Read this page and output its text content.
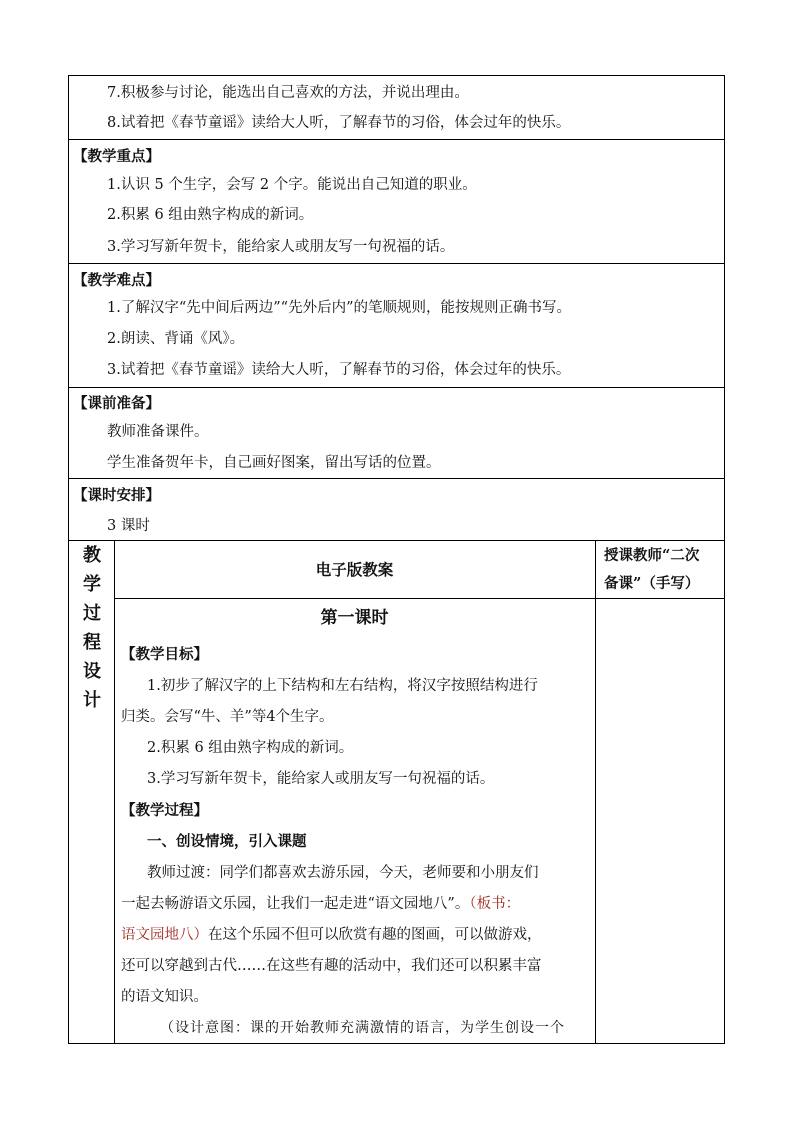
7.积极参与讨论，能选出自己喜欢的方法，并说出理由。
8.试着把《春节童谣》读给大人听，了解春节的习俗，体会过年的快乐。
【教学重点】
1.认识 5 个生字，会写 2 个字。能说出自己知道的职业。
2.积累 6 组由熟字构成的新词。
3.学习写新年贺卡，能给家人或朋友写一句祝福的话。
【教学难点】
1.了解汉字“先中间后两边”“先外后内”的笔顺规则，能按规则正确书写。
2.朗读、背诵《风》。
3.试着把《春节童谣》读给大人听，了解春节的习俗，体会过年的快乐。
【课前准备】
教师准备课件。
学生准备贺年卡，自己画好图案，留出写话的位置。
【课时安排】
3 课时
教
学
过
程
设
计
电子版教案
授课教师“二次
备课”（手写）
第一课时
【教学目标】
1.初步了解汉字的上下结构和左右结构，将汉字按照结构进行
归类。会写“牛、羊”等4个生字。
2.积累 6 组由熟字构成的新词。
3.学习写新年贺卡，能给家人或朋友写一句祝福的话。
【教学过程】
一、创设情境，引入课题
教师过渡：同学们都喜欢去游乐园，今天，老师要和小朋友们
一起去畅游语文乐园，让我们一起走进“语文园地八”。（板书：
语文园地八）在这个乐园不但可以欣赏有趣的图画，可以做游戏，
还可以穿越到古代……在这些有趣的活动中，我们还可以积累丰富
的语文知识。
（设计意图：课的开始教师充满激情的语言，为学生创设一个
